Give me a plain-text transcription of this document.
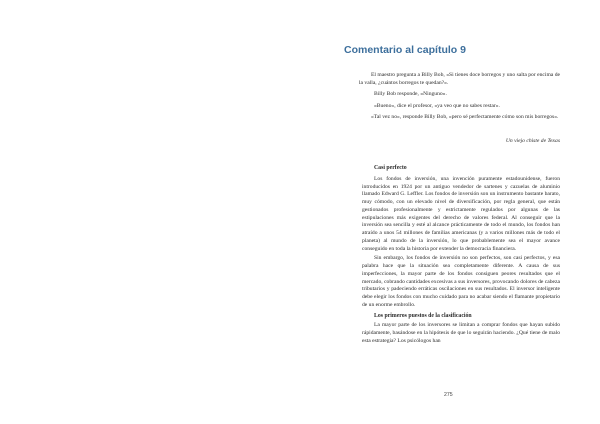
Comentario al capítulo 9

El maestro pregunta a Billy Bob, «Si tienes doce borregos y uno salta por encima de la valla, ¿cuántos borregos te quedan?».

Billy Bob responde, «Ninguno».

«Bueno», dice el profesor, «ya veo que no sabes restar».

«Tal vez no», responde Billy Bob, «pero sé perfectamente cómo son mis borregos».

Un viejo chiste de Texas
Casi perfecto

Los fondos de inversión, una invención puramente estadounidense, fueron introducidos en 1924 por un antiguo vendedor de sartenes y cazuelas de aluminio llamado Edward G. Leffler. Los fondos de inversión son un instrumento bastante barato, muy cómodo, con un elevado nivel de diversificación, por regla general, que están gestionados profesionalmente y estrictamente regulados por algunas de las estipulaciones más exigentes del derecho de valores federal. Al conseguir que la inversión sea sencilla y esté al alcance prácticamente de todo el mundo, los fondos han atraído a unos 54 millones de familias americanas (y a varios millones más de todo el planeta) al mundo de la inversión, lo que probablemente sea el mayor avance conseguido en toda la historia por extender la democracia financiera.

Sin embargo, los fondos de inversión no son perfectos, son casi perfectos, y esa palabra hace que la situación sea completamente diferente. A causa de sus imperfecciones, la mayor parte de los fondos consiguen peores resultados que el mercado, cobrando cantidades excesivas a sus inversores, provocando dolores de cabeza tributarios y padeciendo erráticas oscilaciones en sus resultados. El inversor inteligente debe elegir los fondos con mucho cuidado para no acabar siendo el flamante propietario de un enorme embrollo.

Los primeros puestos de la clasificación

La mayor parte de los inversores se limitan a comprar fondos que hayan subido rápidamente, basándose en la hipótesis de que lo seguirán haciendo. ¿Qué tiene de malo esta estrategia? Los psicólogos han

275
